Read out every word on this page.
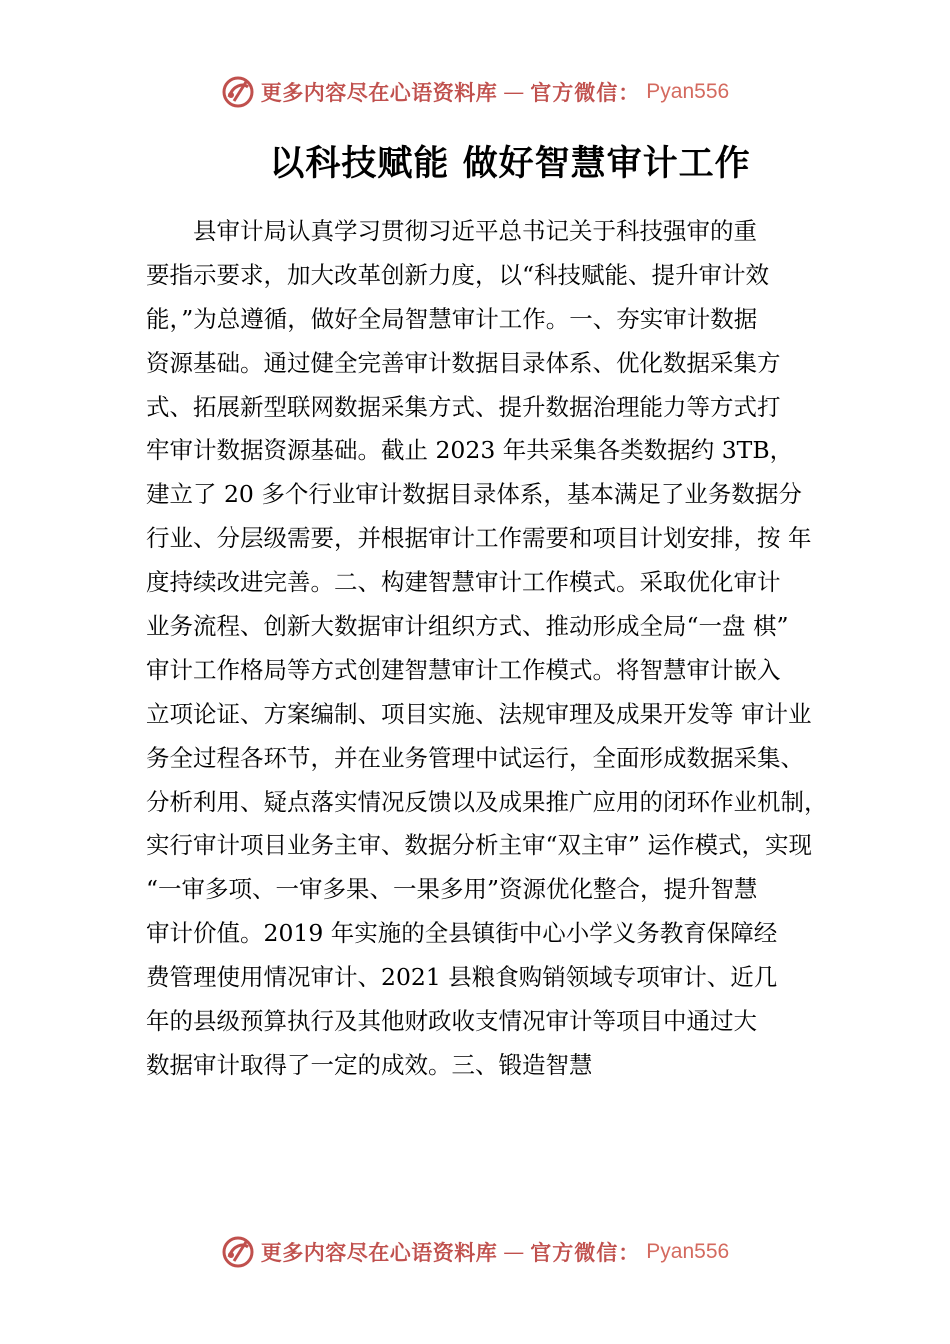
更多内容尽在心语资料库 — 官方微信： Pyan556
以科技赋能 做好智慧审计工作
　　县审计局认真学习贯彻习近平总书记关于科技强审的重
要指示要求，加大改革创新力度，以“科技赋能、提升审计效
能，”为总遵循，做好全局智慧审计工作。一、夯实审计数据
资源基础。通过健全完善审计数据目录体系、优化数据采集方
式、拓展新型联网数据采集方式、提升数据治理能力等方式打
牢审计数据资源基础。截止 2023 年共采集各类数据约 3TB，
建立了 20 多个行业审计数据目录体系，基本满足了业务数据分
行业、分层级需要，并根据审计工作需要和项目计划安排，按 年
度持续改进完善。二、构建智慧审计工作模式。采取优化审计
业务流程、创新大数据审计组织方式、推动形成全局“一盘 棋”
审计工作格局等方式创建智慧审计工作模式。将智慧审计嵌入
立项论证、方案编制、项目实施、法规审理及成果开发等 审计业
务全过程各环节，并在业务管理中试运行，全面形成数据采集、
分析利用、疑点落实情况反馈以及成果推广应用的闭环作业机制，
实行审计项目业务主审、数据分析主审“双主审” 运作模式，实现
“一审多项、一审多果、一果多用”资源优化整合，提升智慧
审计价值。2019 年实施的全县镇街中心小学义务教育保障经
费管理使用情况审计、2021 县粮食购销领域专项审计、近几
年的县级预算执行及其他财政收支情况审计等项目中通过大
数据审计取得了一定的成效。三、锻造智慧
更多内容尽在心语资料库 — 官方微信： Pyan556
